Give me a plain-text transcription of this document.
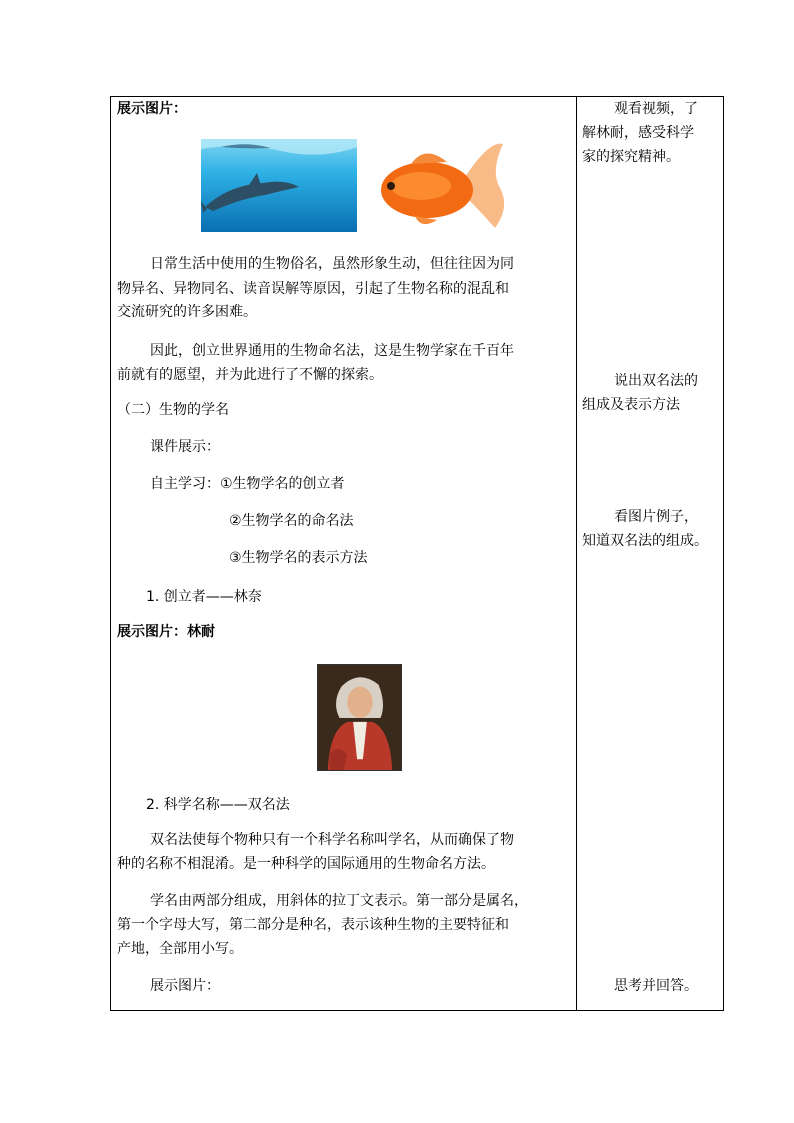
展示图片：
日常生活中使用的生物俗名，虽然形象生动，但往往因为同
物异名、异物同名、读音误解等原因，引起了生物名称的混乱和
交流研究的许多困难。
因此，创立世界通用的生物命名法，这是生物学家在千百年
前就有的愿望，并为此进行了不懈的探索。
（二）生物的学名
课件展示：
自主学习：①生物学名的创立者
②生物学名的命名法
③生物学名的表示方法
1. 创立者——林奈
展示图片：林耐
2. 科学名称——双名法
双名法使每个物种只有一个科学名称叫学名，从而确保了物
种的名称不相混淆。是一种科学的国际通用的生物命名方法。
学名由两部分组成，用斜体的拉丁文表示。第一部分是属名，
第一个字母大写，第二部分是种名，表示该种生物的主要特征和
产地，全部用小写。
展示图片：
观看视频，了
解林耐，感受科学
家的探究精神。
说出双名法的
组成及表示方法
看图片例子，
知道双名法的组成。
思考并回答。
